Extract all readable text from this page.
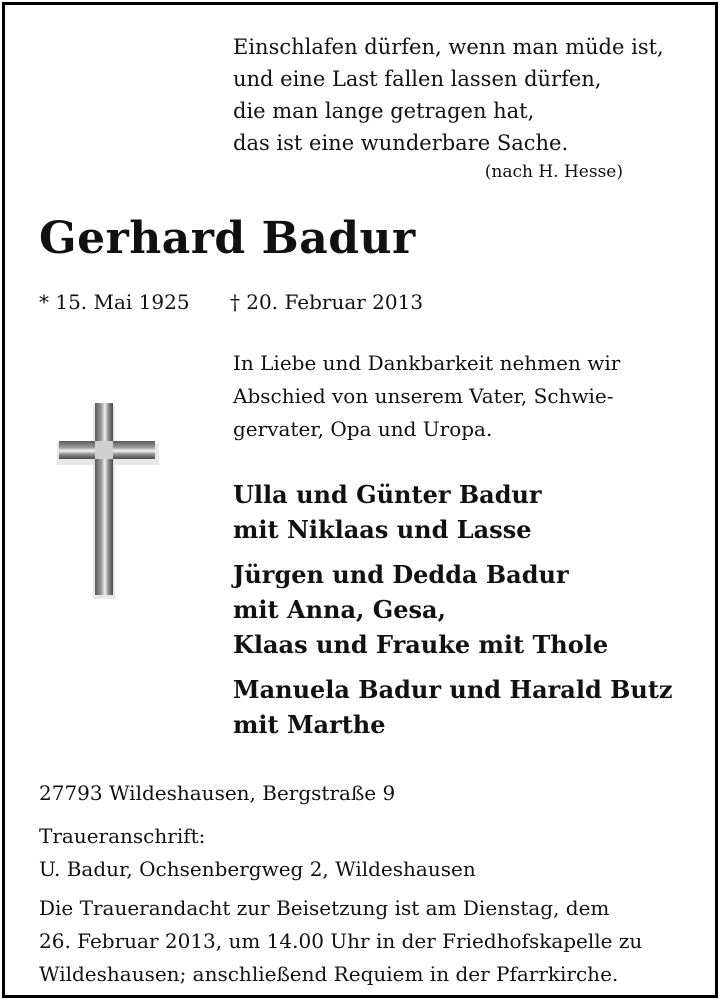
Einschlafen dürfen, wenn man müde ist,
und eine Last fallen lassen dürfen,
die man lange getragen hat,
das ist eine wunderbare Sache.
(nach H. Hesse)
Gerhard Badur
* 15. Mai 1925 † 20. Februar 2013
In Liebe und Dankbarkeit nehmen wir
Abschied von unserem Vater, Schwie-
gervater, Opa und Uropa.
Ulla und Günter Badur
mit Niklaas und Lasse
Jürgen und Dedda Badur
mit Anna, Gesa,
Klaas und Frauke mit Thole
Manuela Badur und Harald Butz
mit Marthe
27793 Wildeshausen, Bergstraße 9
Traueranschrift:
U. Badur, Ochsenbergweg 2, Wildeshausen
Die Trauerandacht zur Beisetzung ist am Dienstag, dem
26. Februar 2013, um 14.00 Uhr in der Friedhofskapelle zu
Wildeshausen; anschließend Requiem in der Pfarrkirche.
